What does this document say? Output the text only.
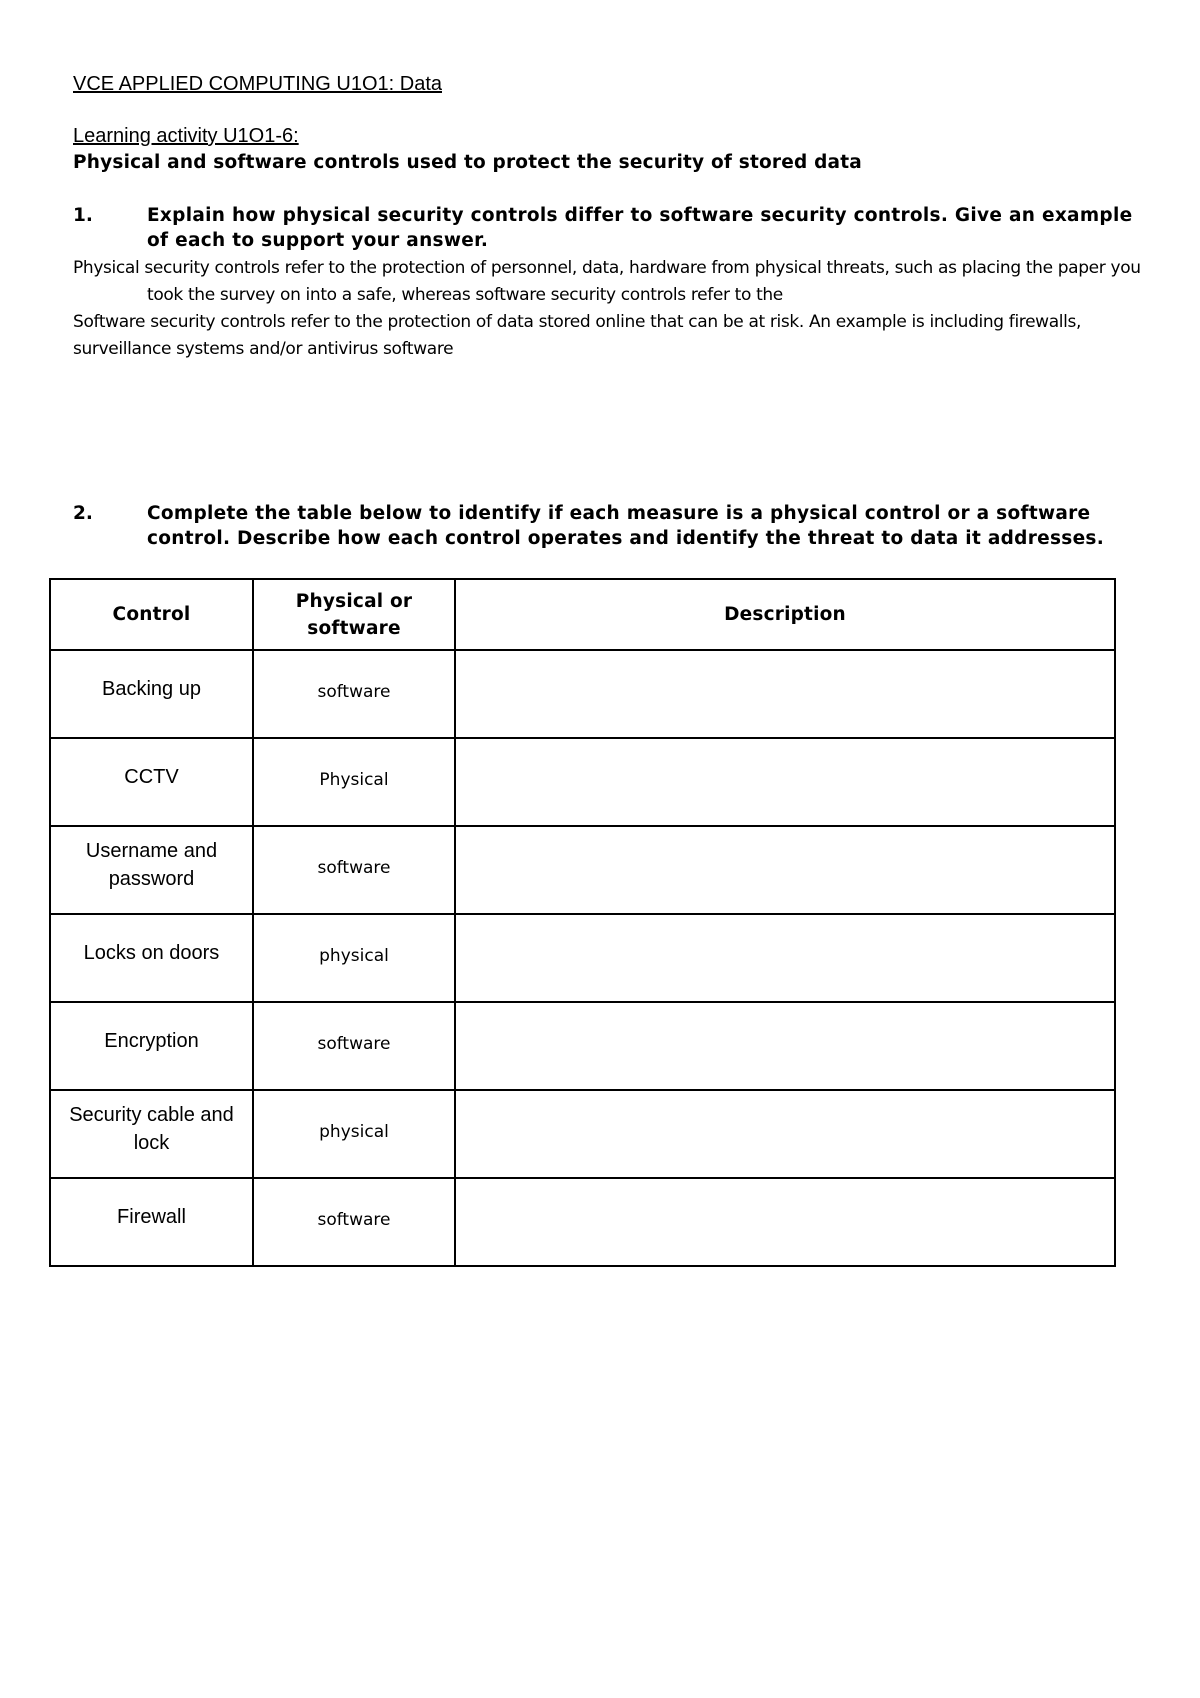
VCE APPLIED COMPUTING U1O1: Data
Learning activity U1O1-6:
Physical and software controls used to protect the security of stored data
1.	Explain how physical security controls differ to software security controls. Give an example of each to support your answer.
Physical security controls refer to the protection of personnel, data, hardware from physical threats, such as placing the paper you took the survey on into a safe, whereas software security controls refer to the
Software security controls refer to the protection of data stored online that can be at risk. An example is including firewalls, surveillance systems and/or antivirus software
2.	Complete the table below to identify if each measure is a physical control or a software control. Describe how each control operates and identify the threat to data it addresses.
Control	Physical or software	Description
Backing up	software	
CCTV	Physical	
Username and password	software	
Locks on doors	physical	
Encryption	software	
Security cable and lock	physical	
Firewall	software	
